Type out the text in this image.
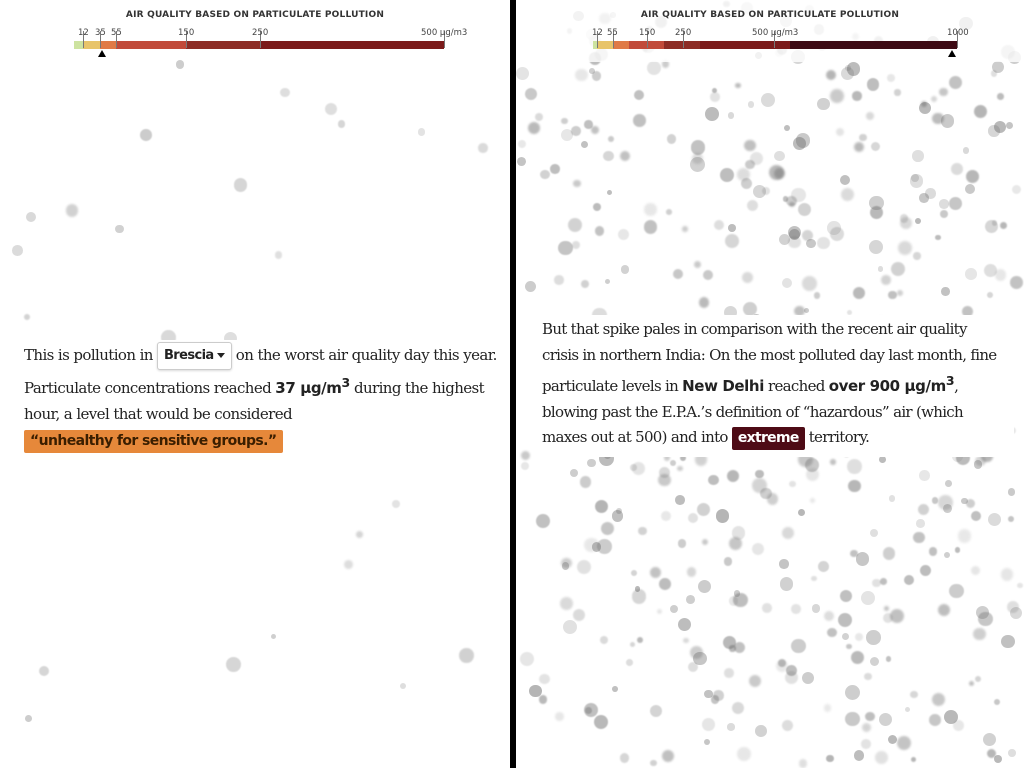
AIR QUALITY BASED ON PARTICULATE POLLUTION
12 35 55	150	250	500 µg/m3
This is pollution in Brescia on the worst air quality day this year. Particulate concentrations reached 37 $\mu g/m^3$ during the highest hour, a level that would be considered
“unhealthy for sensitive groups.”
AIR QUALITY BASED ON PARTICULATE POLLUTION
12 55 150 250	500 µg/m3	1000
But that spike pales in comparison with the recent air quality crisis in northern India: On the most polluted day last month, fine particulate levels in New Delhi reached over 900 $\mu g/m^3$, blowing past the E.P.A.’s definition of “hazardous” air (which maxes out at 500) and into extreme territory.
